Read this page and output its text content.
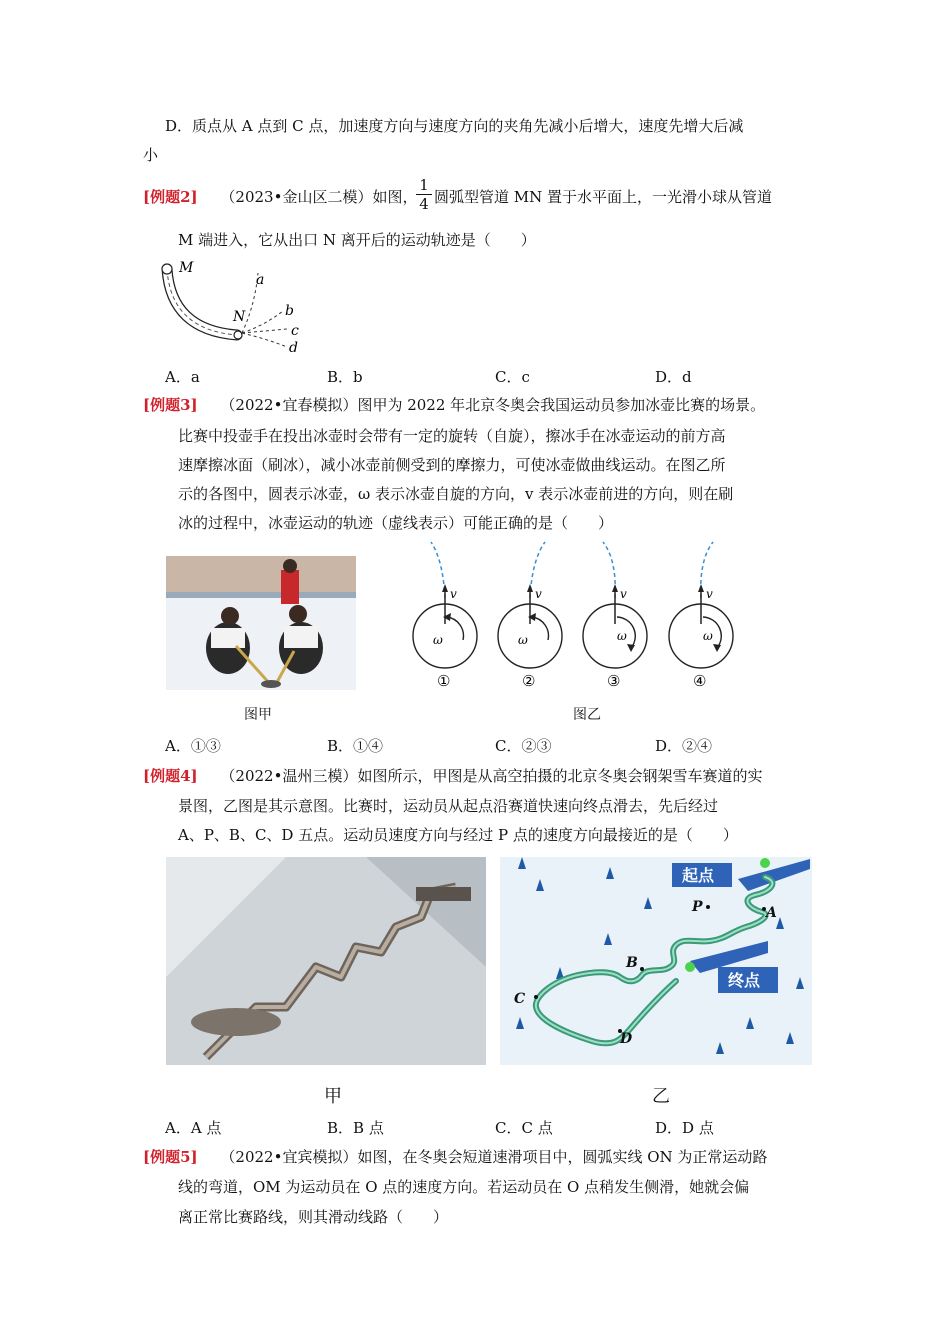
D．质点从 A 点到 C 点，加速度方向与速度方向的夹角先减小后增大，速度先增大后减
小
[例题2] （2023•金山区二模）如图，
$\frac{1}{4}$ 圆弧型管道 MN 置于水平面上，一光滑小球从管道
M 端进入，它从出口 N 离开后的运动轨迹是（　　）
M
N
a
b
c
d
A．a	B．b	C．c	D．d
[例题3] （2022•宜春模拟）图甲为 2022 年北京冬奥会我国运动员参加冰壶比赛的场景。
比赛中投壶手在投出冰壶时会带有一定的旋转（自旋），擦冰手在冰壶运动的前方高
速摩擦冰面（刷冰），减小冰壶前侧受到的摩擦力，可使冰壶做曲线运动。在图乙所
示的各图中，圆表示冰壶，ω 表示冰壶自旋的方向，v 表示冰壶前进的方向，则在刷
冰的过程中，冰壶运动的轨迹（虚线表示）可能正确的是（　　）
图甲
v
ω
①
v
ω
②
v
ω
③
v
ω
④
图乙
A．①③	B．①④	C．②③	D．②④
[例题4] （2022•温州三模）如图所示，甲图是从高空拍摄的北京冬奥会钢架雪车赛道的实
景图，乙图是其示意图。比赛时，运动员从起点沿赛道快速向终点滑去，先后经过
A、P、B、C、D 五点。运动员速度方向与经过 P 点的速度方向最接近的是（　　）
甲
起点
终点
P	A
B
C
D
乙
A．A 点	B．B 点	C．C 点	D．D 点
[例题5] （2022•宜宾模拟）如图，在冬奥会短道速滑项目中，圆弧实线 ON 为正常运动路
线的弯道，OM 为运动员在 O 点的速度方向。若运动员在 O 点稍发生侧滑，她就会偏
离正常比赛路线，则其滑动线路（　　）
